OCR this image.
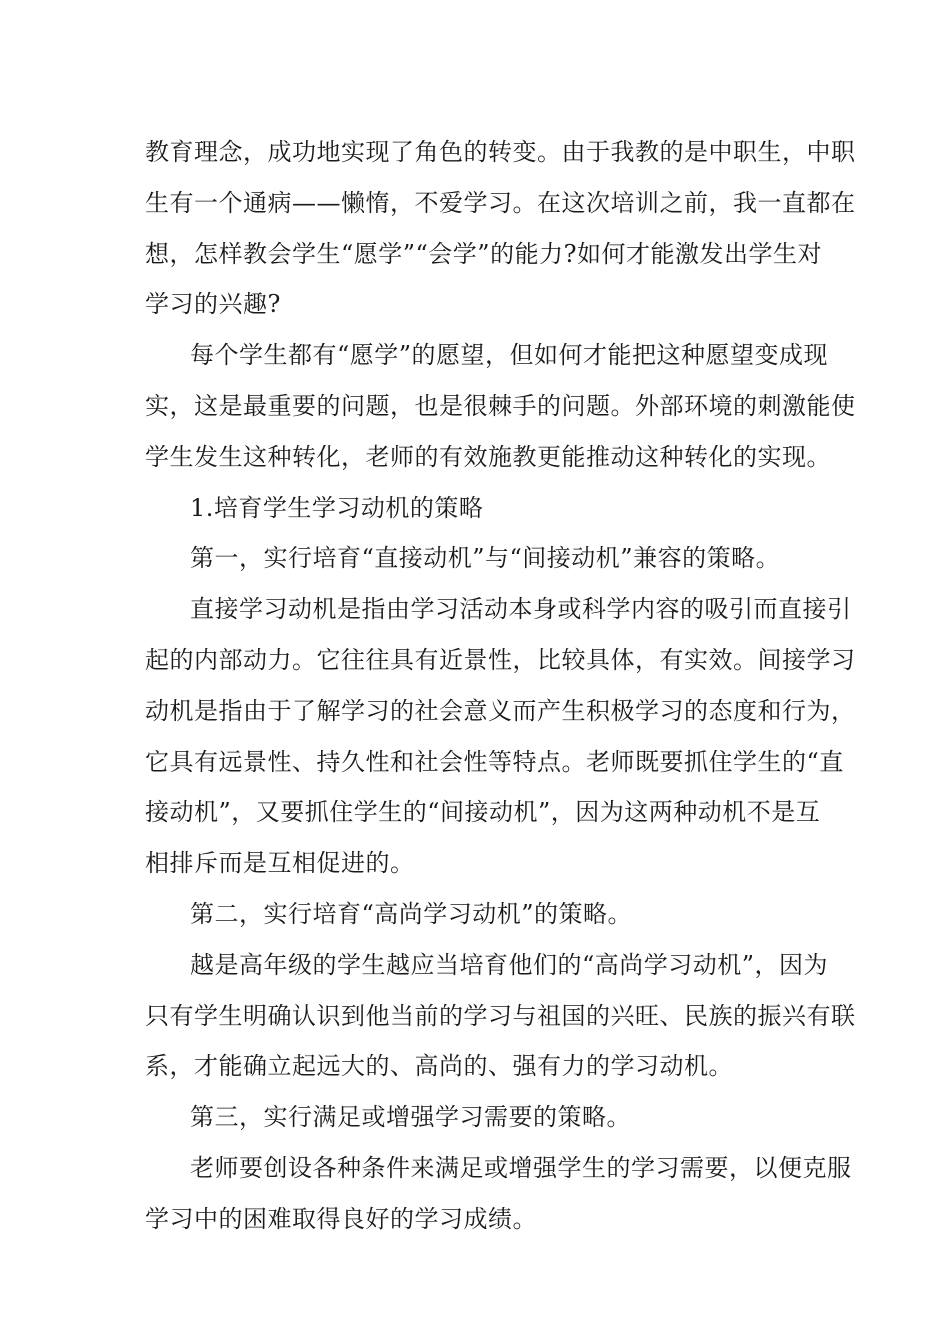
教育理念，成功地实现了角色的转变。由于我教的是中职生，中职
生有一个通病——懒惰，不爱学习。在这次培训之前，我一直都在
想，怎样教会学生“愿学”“会学”的能力?如何才能激发出学生对
学习的兴趣?
每个学生都有“愿学”的愿望，但如何才能把这种愿望变成现
实，这是最重要的问题，也是很棘手的问题。外部环境的刺激能使
学生发生这种转化，老师的有效施教更能推动这种转化的实现。
1.培育学生学习动机的策略
第一，实行培育“直接动机”与“间接动机”兼容的策略。
直接学习动机是指由学习活动本身或科学内容的吸引而直接引
起的内部动力。它往往具有近景性，比较具体，有实效。间接学习
动机是指由于了解学习的社会意义而产生积极学习的态度和行为，
它具有远景性、持久性和社会性等特点。老师既要抓住学生的“直
接动机”，又要抓住学生的“间接动机”，因为这两种动机不是互
相排斥而是互相促进的。
第二，实行培育“高尚学习动机”的策略。
越是高年级的学生越应当培育他们的“高尚学习动机”，因为
只有学生明确认识到他当前的学习与祖国的兴旺、民族的振兴有联
系，才能确立起远大的、高尚的、强有力的学习动机。
第三，实行满足或增强学习需要的策略。
老师要创设各种条件来满足或增强学生的学习需要，以便克服
学习中的困难取得良好的学习成绩。
